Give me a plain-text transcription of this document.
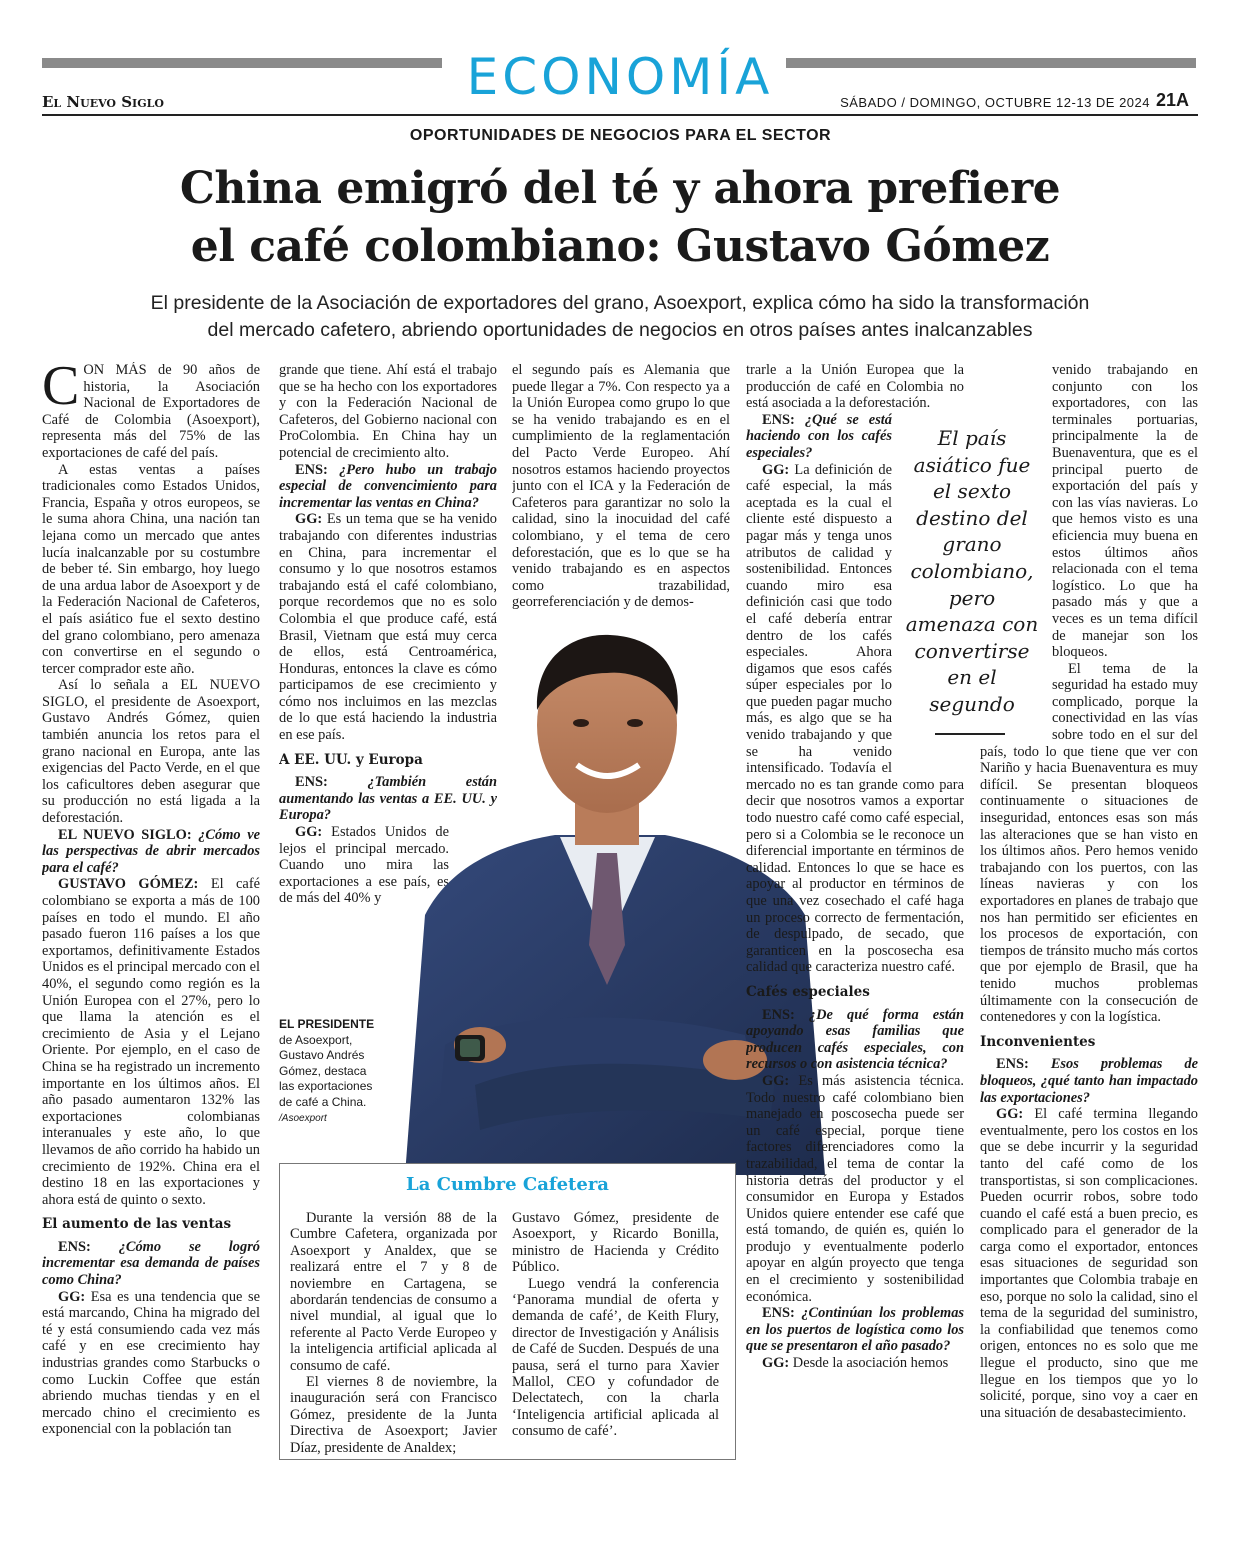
ECONOMÍA
El Nuevo Siglo	SÁBADO / DOMINGO, OCTUBRE 12-13 DE 2024 21A
OPORTUNIDADES DE NEGOCIOS PARA EL SECTOR
China emigró del té y ahora prefiere
el café colombiano: Gustavo Gómez
El presidente de la Asociación de exportadores del grano, Asoexport, explica cómo ha sido la transformación
del mercado cafetero, abriendo oportunidades de negocios en otros países antes inalcanzables

CON MÁS de 90 años de historia, la Asociación Nacional de Exportadores de Café de Colombia (Asoexport), representa más del 75% de las exportaciones de café del país.

A estas ventas a países tradicionales como Estados Unidos, Francia, España y otros europeos, se le suma ahora China, una nación tan lejana como un mercado que antes lucía inalcanzable por su costumbre de beber té. Sin embargo, hoy luego de una ardua labor de Asoexport y de la Federación Nacional de Cafeteros, el país asiático fue el sexto destino del grano colombiano, pero amenaza con convertirse en el segundo o tercer comprador este año.

Así lo señala a EL NUEVO SIGLO, el presidente de Asoexport, Gustavo Andrés Gómez, quien también anuncia los retos para el grano nacional en Europa, ante las exigencias del Pacto Verde, en el que los caficultores deben asegurar que su producción no está ligada a la deforestación.

EL NUEVO SIGLO: ¿Cómo ve las perspectivas de abrir mercados para el café?

GUSTAVO GÓMEZ: El café colombiano se exporta a más de 100 países en todo el mundo. El año pasado fueron 116 países a los que exportamos, definitivamente Estados Unidos es el principal mercado con el 40%, el segundo como región es la Unión Europea con el 27%, pero lo que llama la atención es el crecimiento de Asia y el Lejano Oriente. Por ejemplo, en el caso de China se ha registrado un incremento importante en los últimos años. El año pasado aumentaron 132% las exportaciones colombianas interanuales y este año, lo que llevamos de año corrido ha habido un crecimiento de 192%. China era el destino 18 en las exportaciones y ahora está de quinto o sexto.

El aumento de las ventas

ENS: ¿Cómo se logró incrementar esa demanda de países como China?

GG: Esa es una tendencia que se está marcando, China ha migrado del té y está consumiendo cada vez más café y en ese crecimiento hay industrias grandes como Starbucks o como Luckin Coffee que están abriendo muchas tiendas y en el mercado chino el crecimiento es exponencial con la población tan

grande que tiene. Ahí está el trabajo que se ha hecho con los exportadores y con la Federación Nacional de Cafeteros, del Gobierno nacional con ProColombia. En China hay un potencial de crecimiento alto.

ENS: ¿Pero hubo un trabajo especial de convencimiento para incrementar las ventas en China?

GG: Es un tema que se ha venido trabajando con diferentes industrias en China, para incrementar el consumo y lo que nosotros estamos trabajando está el café colombiano, porque recordemos que no es solo Colombia el que produce café, está Brasil, Vietnam que está muy cerca de ellos, está Centroamérica, Honduras, entonces la clave es cómo participamos de ese crecimiento y cómo nos incluimos en las mezclas de lo que está haciendo la industria en ese país.

A EE. UU. y Europa

ENS:	¿También están aumentando las ventas a EE. UU. y Europa?

GG: Estados Unidos de lejos el principal mercado. Cuando uno mira las exportaciones a ese país, es de más del 40% y

el segundo país es Alemania que puede llegar a 7%. Con respecto ya a la Unión Europea como grupo lo que se ha venido trabajando es en el cumplimiento de la reglamentación del Pacto Verde Europeo. Ahí nosotros estamos haciendo proyectos junto con el ICA y la Federación de Cafeteros para garantizar no solo la calidad, sino la inocuidad del café colombiano, y el tema de cero deforestación, que es lo que se ha venido trabajando es en aspectos como trazabilidad, georreferenciación y de demos-

EL PRESIDENTE de Asoexport, Gustavo Andrés Gómez, destaca las exportaciones de café a China.
/Asoexport

trarle a la Unión Europea que la producción de café en Colombia no está asociada a la deforestación.

ENS: ¿Qué se está haciendo con los cafés especiales?

GG: La definición de café especial, la más aceptada es la cual el cliente esté dispuesto a pagar más y tenga unos atributos de calidad y sostenibilidad. Entonces cuando miro esa definición casi que todo el café debería entrar dentro de los cafés especiales. Ahora digamos que esos cafés súper especiales por lo que pueden pagar mucho más, es algo que se ha venido trabajando y que se ha venido intensificado. Todavía el mercado no es tan grande como para decir que nosotros vamos a exportar todo nuestro café como café especial, pero si a Colombia se le reconoce un diferencial importante en términos de calidad. Entonces lo que se hace es apoyar al productor en términos de que una vez cosechado el café haga un proceso correcto de fermentación, de despulpado, de secado, que garanticen en la poscosecha esa calidad que caracteriza nuestro café.

Cafés especiales

ENS: ¿De qué forma están apoyando esas familias que producen cafés especiales, con recursos o con asistencia técnica?

GG: Es más asistencia técnica. Todo nuestro café colombiano bien manejado en poscosecha puede ser un café especial, porque tiene factores diferenciadores como la trazabilidad, el tema de contar la historia detrás del productor y el consumidor en Europa y Estados Unidos quiere entender ese café que está tomando, de quién es, quién lo produjo y eventualmente poderlo apoyar en algún proyecto que tenga en el crecimiento y sostenibilidad económica.

ENS: ¿Continúan los problemas en los puertos de logística como los que se presentaron el año pasado?

GG: Desde la asociación hemos

El país asiático fue el sexto destino del grano colombiano, pero amenaza con convertirse en el segundo

venido trabajando en conjunto con los exportadores, con las terminales portuarias, principalmente la de Buenaventura, que es el principal puerto de exportación del país y con las vías navieras. Lo que hemos visto es una eficiencia muy buena en estos últimos años relacionada con el tema logístico. Lo que ha pasado más y que a veces es un tema difícil de manejar son los bloqueos.

El tema de la seguridad ha estado muy complicado, porque la conectividad en las vías sobre todo en el sur del país, todo lo que tiene que ver con Nariño y hacia Buenaventura es muy difícil. Se presentan bloqueos continuamente o situaciones de inseguridad, entonces esas son más las alteraciones que se han visto en los últimos años. Pero hemos venido trabajando con los puertos, con las líneas navieras y con los exportadores en planes de trabajo que nos han permitido ser eficientes en los procesos de exportación, con tiempos de tránsito mucho más cortos que por ejemplo de Brasil, que ha tenido muchos problemas últimamente con la consecución de contenedores y con la logística.

Inconvenientes

ENS: Esos problemas de bloqueos, ¿qué tanto han impactado las exportaciones?

GG: El café termina llegando eventualmente, pero los costos en los que se debe incurrir y la seguridad tanto del café como de los transportistas, si son complicaciones. Pueden ocurrir robos, sobre todo cuando el café está a buen precio, es complicado para el generador de la carga como el exportador, entonces esas situaciones de seguridad son importantes que Colombia trabaje en eso, porque no solo la calidad, sino el tema de la seguridad del suministro, la confiabilidad que tenemos como origen, entonces no es solo que me llegue el producto, sino que me llegue en los tiempos que yo lo solicité, porque, sino voy a caer en una situación de desabastecimiento.

La Cumbre Cafetera

Durante la versión 88 de la Cumbre Cafetera, organizada por Asoexport y Analdex, que se realizará entre el 7 y 8 de noviembre en Cartagena, se abordarán tendencias de consumo a nivel mundial, al igual que lo referente al Pacto Verde Europeo y la inteligencia artificial aplicada al consumo de café.

El viernes 8 de noviembre, la inauguración será con Francisco Gómez, presidente de la Junta Directiva de Asoexport; Javier Díaz, presidente de Analdex;

Gustavo Gómez, presidente de Asoexport, y Ricardo Bonilla, ministro de Hacienda y Crédito Público.

Luego vendrá la conferencia ‘Panorama mundial de oferta y demanda de café’, de Keith Flury, director de Investigación y Análisis de Café de Sucden. Después de una pausa, será el turno para Xavier Mallol, CEO y cofundador de Delectatech, con la charla ‘Inteligencia artificial aplicada al consumo de café’.
